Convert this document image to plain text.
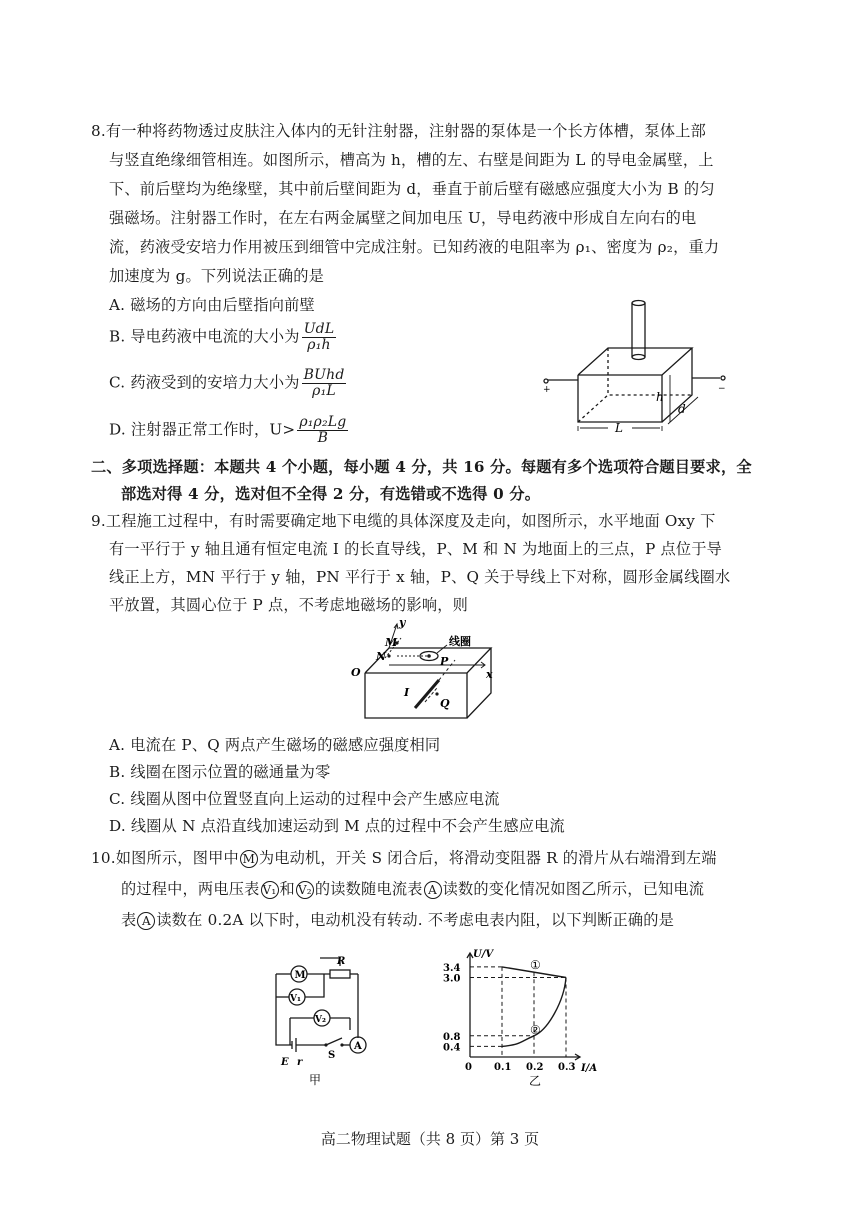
8.有一种将药物透过皮肤注入体内的无针注射器，注射器的泵体是一个长方体槽，泵体上部
与竖直绝缘细管相连。如图所示，槽高为 h，槽的左、右壁是间距为 L 的导电金属壁，上
下、前后壁均为绝缘壁，其中前后壁间距为 d，垂直于前后壁有磁感应强度大小为 B 的匀
强磁场。注射器工作时，在左右两金属壁之间加电压 U，导电药液中形成自左向右的电
流，药液受安培力作用被压到细管中完成注射。已知药液的电阻率为 ρ₁、密度为 ρ₂，重力
加速度为 g。下列说法正确的是
A. 磁场的方向由后壁指向前壁
B. 导电药液中电流的大小为 $\frac{\text{UdL}}{\text{ρ₁h}}$
C. 药液受到的安培力大小为 $\frac{\text{BUhd}}{\text{ρ₁L}}$
D. 注射器正常工作时，$U> \frac{\text{ρ₁ρ₂Lg}}{B}$
+	−
h
d
L
二、多项选择题：本题共 4 个小题，每小题 4 分，共 16 分。每题有多个选项符合题目要求，全
部选对得 4 分，选对但不全得 2 分，有选错或不选得 0 分。
9.工程施工过程中，有时需要确定地下电缆的具体深度及走向，如图所示，水平地面 Oxy 下
有一平行于 y 轴且通有恒定电流 I 的长直导线，P、M 和 N 为地面上的三点，P 点位于导
线正上方，MN 平行于 y 轴，PN 平行于 x 轴，P、Q 关于导线上下对称，圆形金属线圈水
平放置，其圆心位于 P 点，不考虑地磁场的影响，则
y
x
O
M
N	P
线圈
I
Q
A. 电流在 P、Q 两点产生磁场的磁感应强度相同
B. 线圈在图示位置的磁通量为零
C. 线圈从图中位置竖直向上运动的过程中会产生感应电流
D. 线圈从 N 点沿直线加速运动到 M 点的过程中不会产生感应电流
10.如图所示，图甲中 M 为电动机，开关 S 闭合后，将滑动变阻器 R 的滑片从右端滑到左端
的过程中，两电压表 V₁ 和 V₂ 的读数随电流表 A 读数的变化情况如图乙所示，已知电流
表 A 读数在 0.2A 以下时，电动机没有转动. 不考虑电表内阻，以下判断正确的是
M
V₁
V₂
A
R
E r
S
甲
3.4
3.0
0.8
0.4
0.1 0.2 0.3
①
②
U/V
I/A
0
乙
高二物理试题（共 8 页）第 3 页
